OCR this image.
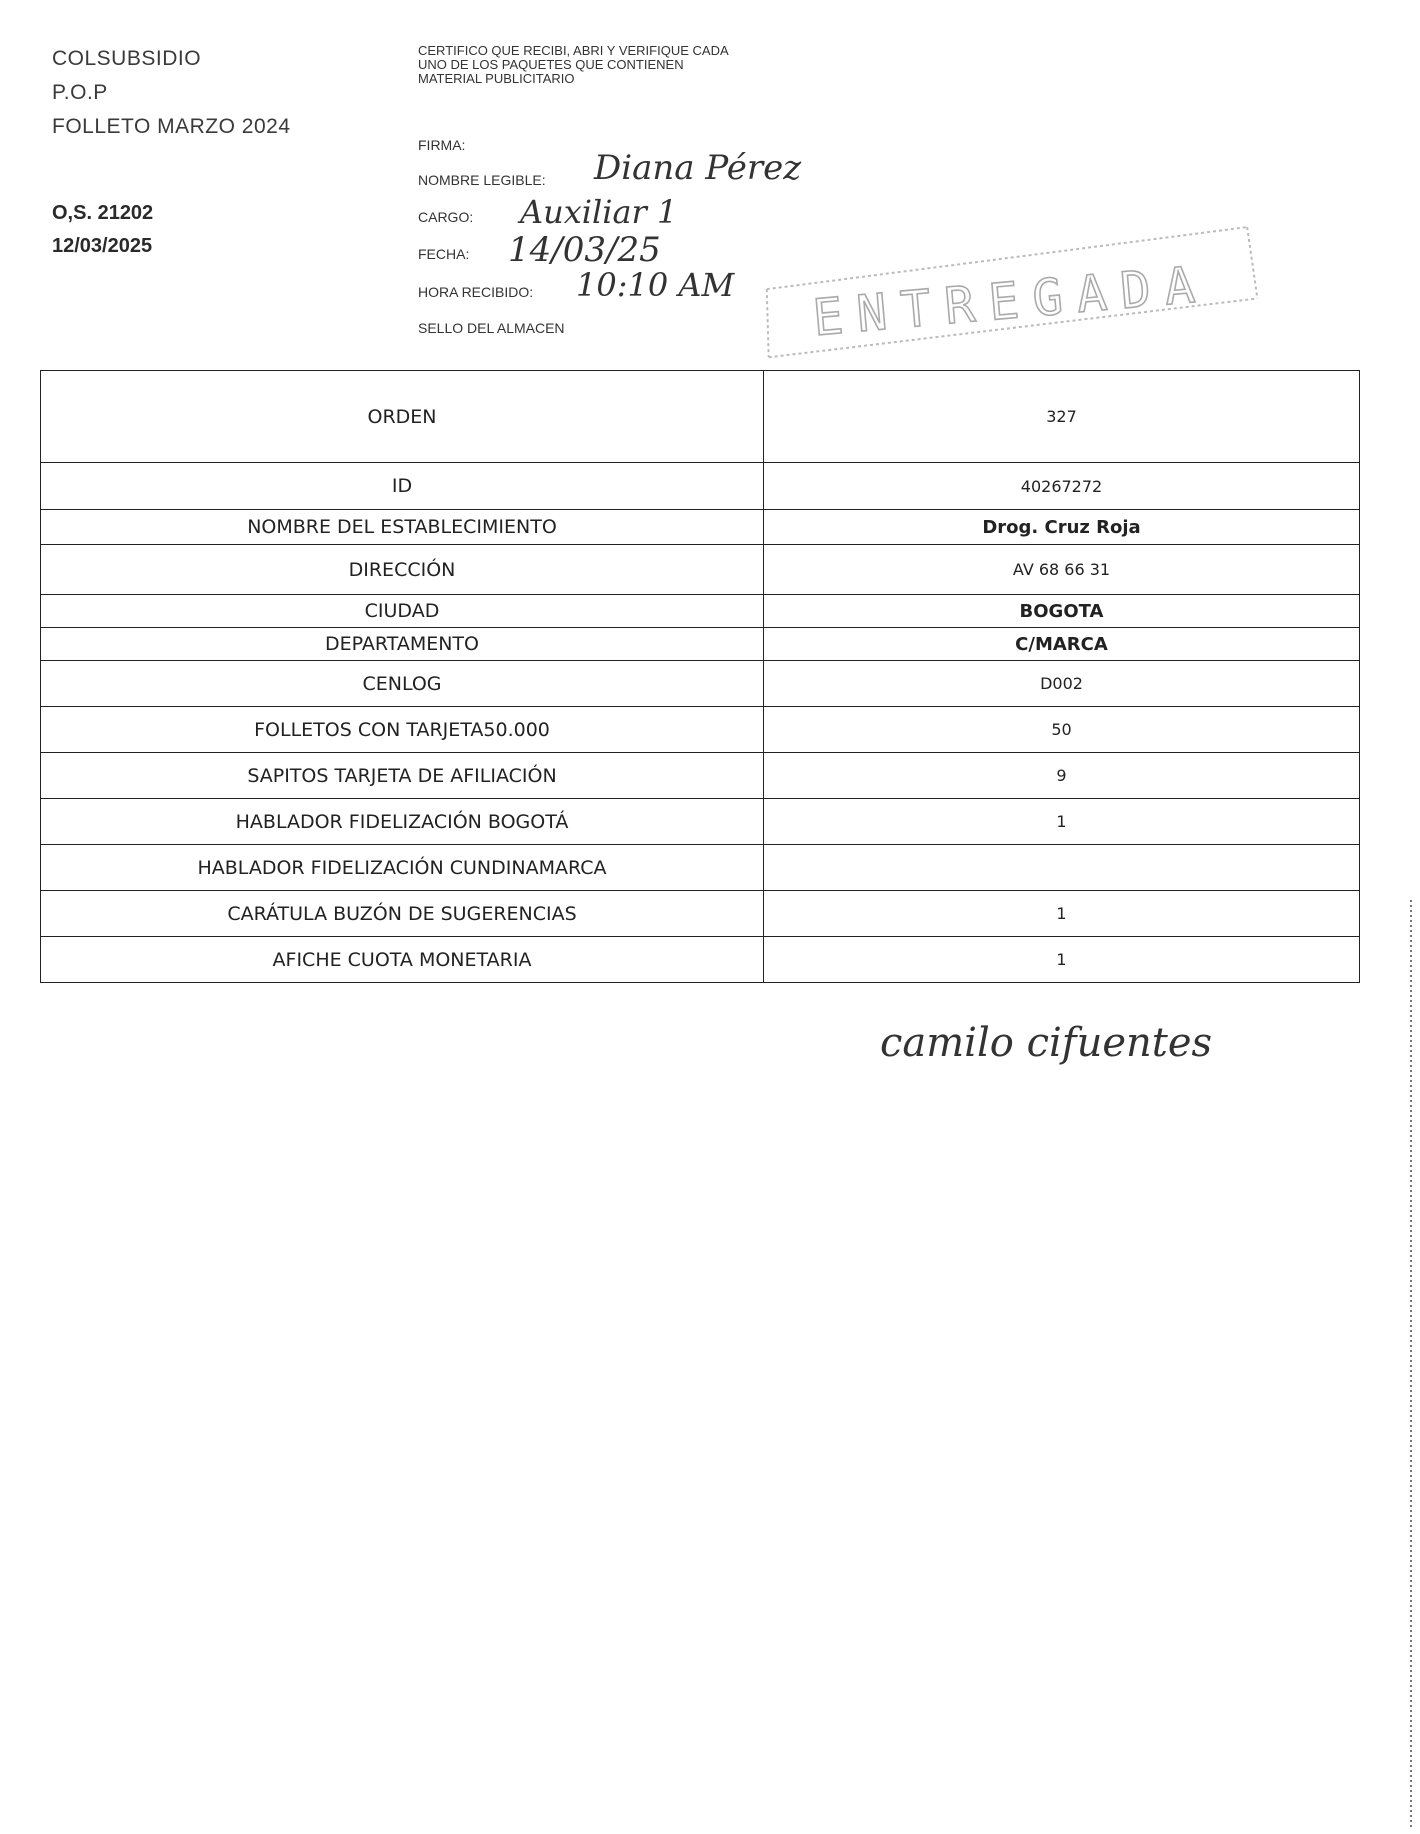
COLSUBSIDIO
P.O.P
FOLLETO MARZO 2024
O,S. 21202
12/03/2025
CERTIFICO QUE RECIBI, ABRI Y VERIFIQUE CADA UNO DE LOS PAQUETES QUE CONTIENEN MATERIAL PUBLICITARIO
FIRMA:
NOMBRE LEGIBLE: Diana Pérez
CARGO: Auxiliar 1
FECHA: 14/03/25
HORA RECIBIDO: 10:10 AM
SELLO DEL ALMACEN	ENTREGADA
ORDEN	327
ID	40267272
NOMBRE DEL ESTABLECIMIENTO	Drog. Cruz Roja
DIRECCIÓN	AV 68 66 31
CIUDAD	BOGOTA
DEPARTAMENTO	C/MARCA
CENLOG	D002
FOLLETOS CON TARJETA50.000	50
SAPITOS TARJETA DE AFILIACIÓN	9
HABLADOR FIDELIZACIÓN BOGOTÁ	1
HABLADOR FIDELIZACIÓN CUNDINAMARCA	
CARÁTULA BUZÓN DE SUGERENCIAS	1
AFICHE CUOTA MONETARIA	1
camilo cifuentes
